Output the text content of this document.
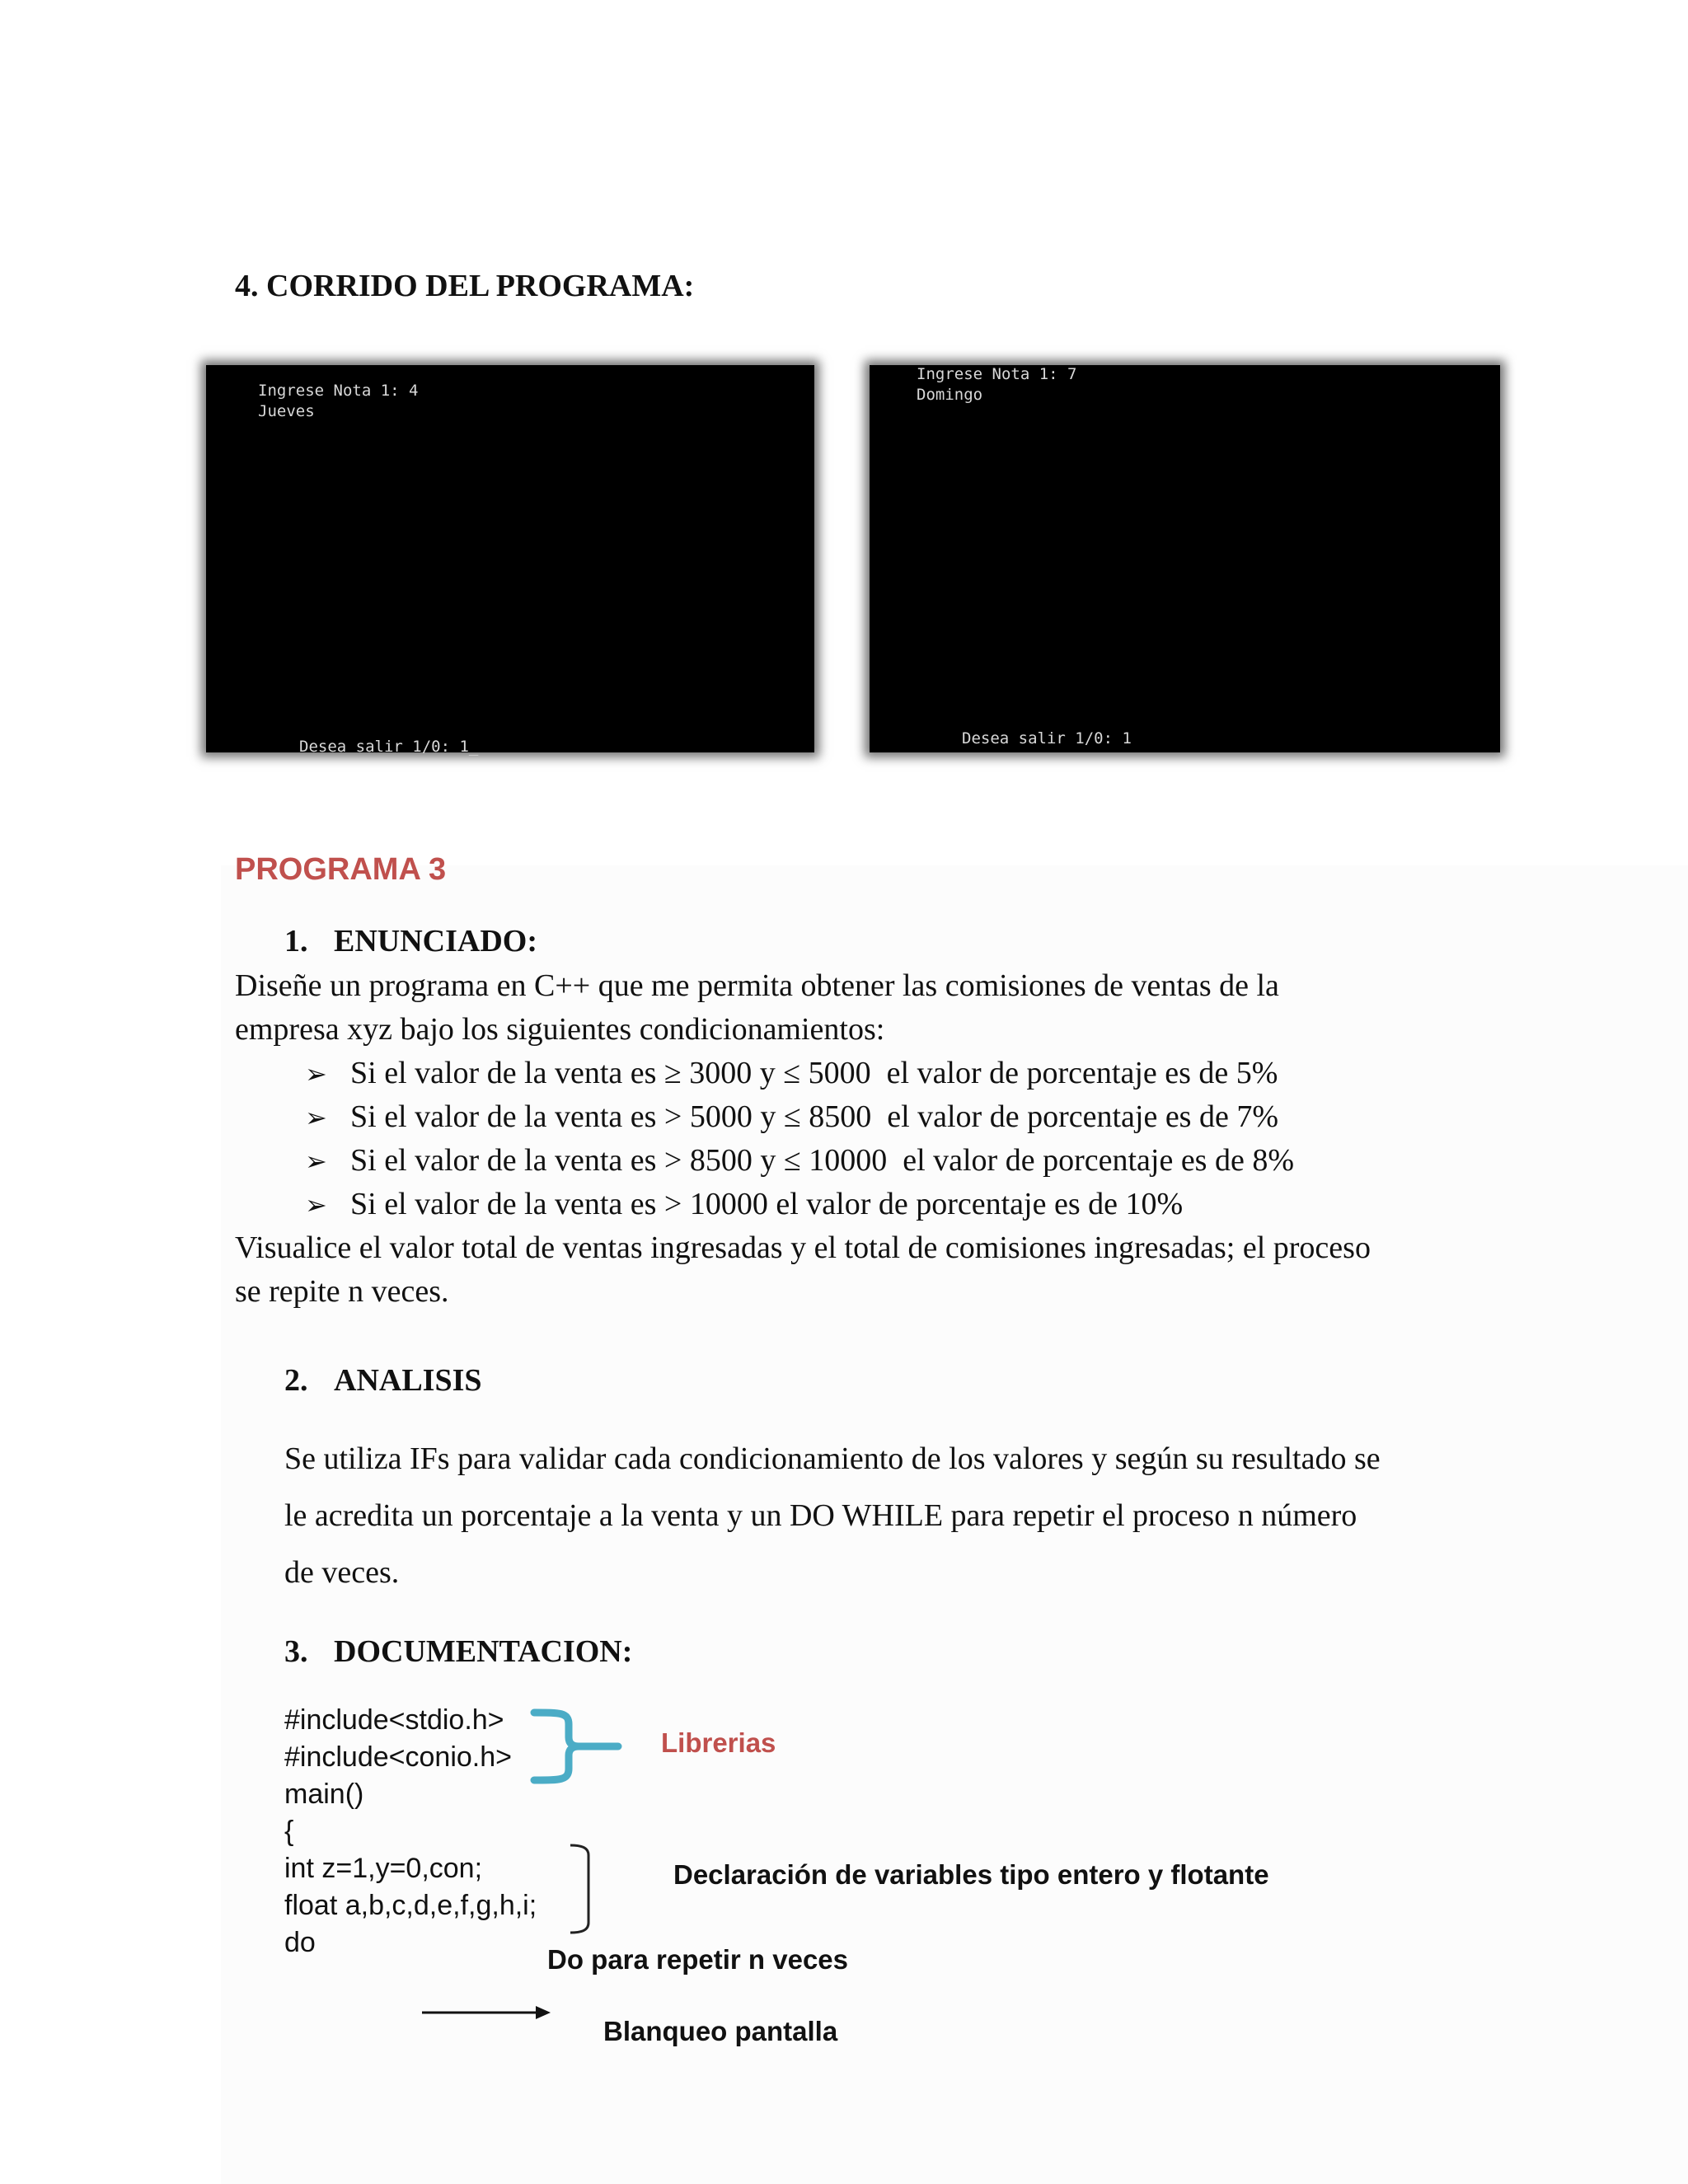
4. CORRIDO DEL PROGRAMA:
Ingrese Nota 1: 4
Jueves
Desea salir 1/0: 1_
Ingrese Nota 1: 7
Domingo
Desea salir 1/0: 1
PROGRAMA 3
1. ENUNCIADO:
Diseñe un programa en C++ que me permita obtener las comisiones de ventas de la
empresa xyz bajo los siguientes condicionamientos:
➢ Si el valor de la venta es ≥ 3000 y ≤ 5000  el valor de porcentaje es de 5%
➢ Si el valor de la venta es > 5000 y ≤ 8500  el valor de porcentaje es de 7%
➢ Si el valor de la venta es > 8500 y ≤ 10000  el valor de porcentaje es de 8%
➢ Si el valor de la venta es > 10000 el valor de porcentaje es de 10%
Visualice el valor total de ventas ingresadas y el total de comisiones ingresadas; el proceso
se repite n veces.
2. ANALISIS
Se utiliza IFs para validar cada condicionamiento de los valores y según su resultado se
le acredita un porcentaje a la venta y un DO WHILE para repetir el proceso n número
de veces.
3. DOCUMENTACION:
#include<stdio.h>
#include<conio.h>
main()
{
int z=1,y=0,con;
float a,b,c,d,e,f,g,h,i;
do
Librerias
Declaración de variables tipo entero y flotante
Do para repetir n veces
Blanqueo pantalla
